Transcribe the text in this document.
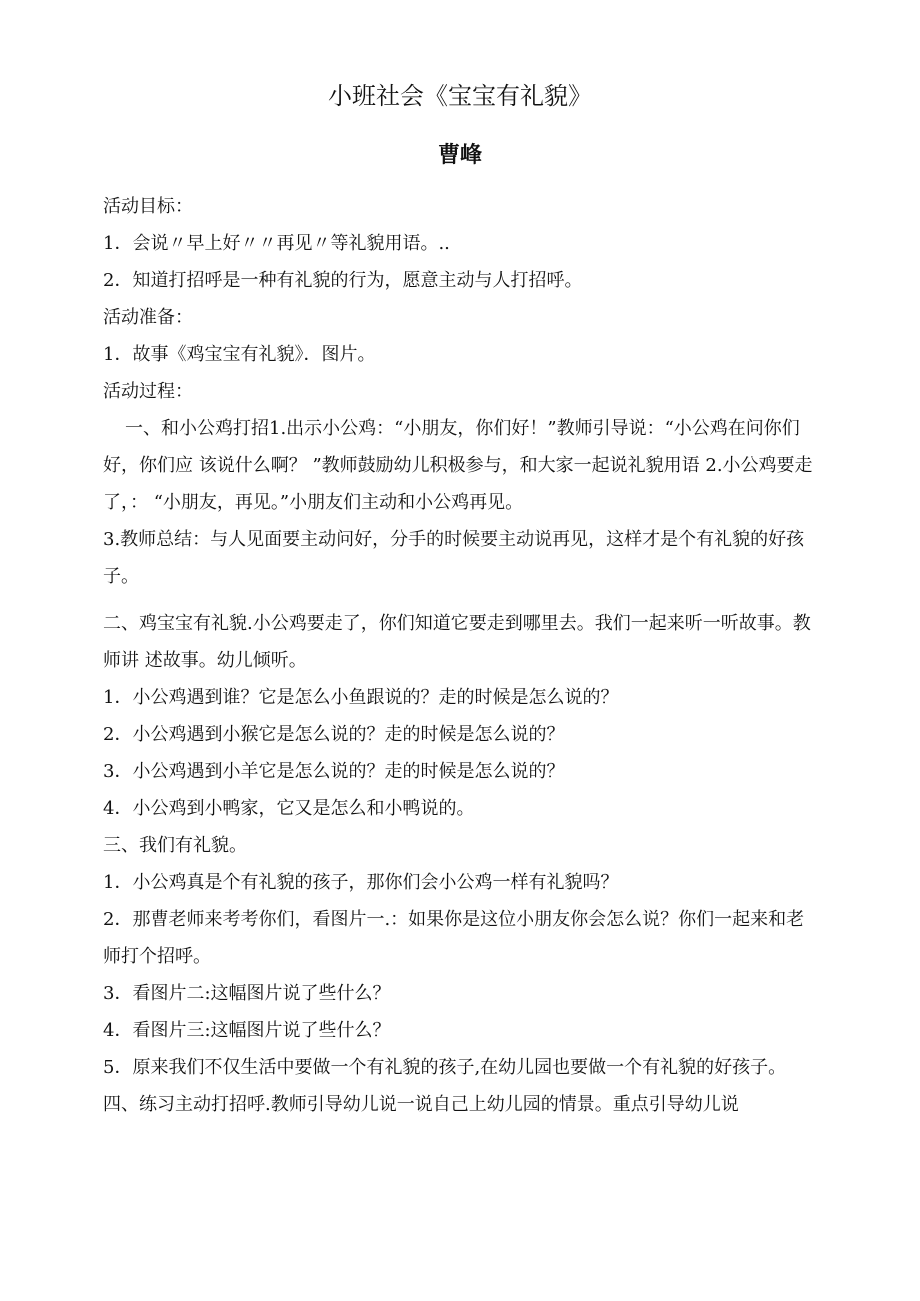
小班社会《宝宝有礼貌》
曹峰

活动目标：

1．会说〃早上好〃〃再见〃等礼貌用语。..

2．知道打招呼是一种有礼貌的行为，愿意主动与人打招呼。

活动准备：

1．故事《鸡宝宝有礼貌》．图片。

活动过程：

一、和小公鸡打招1.出示小公鸡：“小朋友，你们好！”教师引导说：“小公鸡在问你们好，你们应 该说什么啊？ ”教师鼓励幼儿积极参与，和大家一起说礼貌用语 2.小公鸡要走了，： “小朋友，再见。”小朋友们主动和小公鸡再见。

3.教师总结：与人见面要主动问好，分手的时候要主动说再见，这样才是个有礼貌的好孩子。

二、鸡宝宝有礼貌.小公鸡要走了，你们知道它要走到哪里去。我们一起来听一听故事。教师讲 述故事。幼儿倾听。

1．小公鸡遇到谁？它是怎么小鱼跟说的？走的时候是怎么说的？

2．小公鸡遇到小猴它是怎么说的？走的时候是怎么说的？

3．小公鸡遇到小羊它是怎么说的？走的时候是怎么说的？

4．小公鸡到小鸭家，它又是怎么和小鸭说的。

三、我们有礼貌。

1．小公鸡真是个有礼貌的孩子，那你们会小公鸡一样有礼貌吗？

2．那曹老师来考考你们，看图片一.：如果你是这位小朋友你会怎么说？你们一起来和老师打个招呼。

3．看图片二:这幅图片说了些什么？

4．看图片三:这幅图片说了些什么？

5．原来我们不仅生活中要做一个有礼貌的孩子,在幼儿园也要做一个有礼貌的好孩子。

四、练习主动打招呼.教师引导幼儿说一说自己上幼儿园的情景。重点引导幼儿说
